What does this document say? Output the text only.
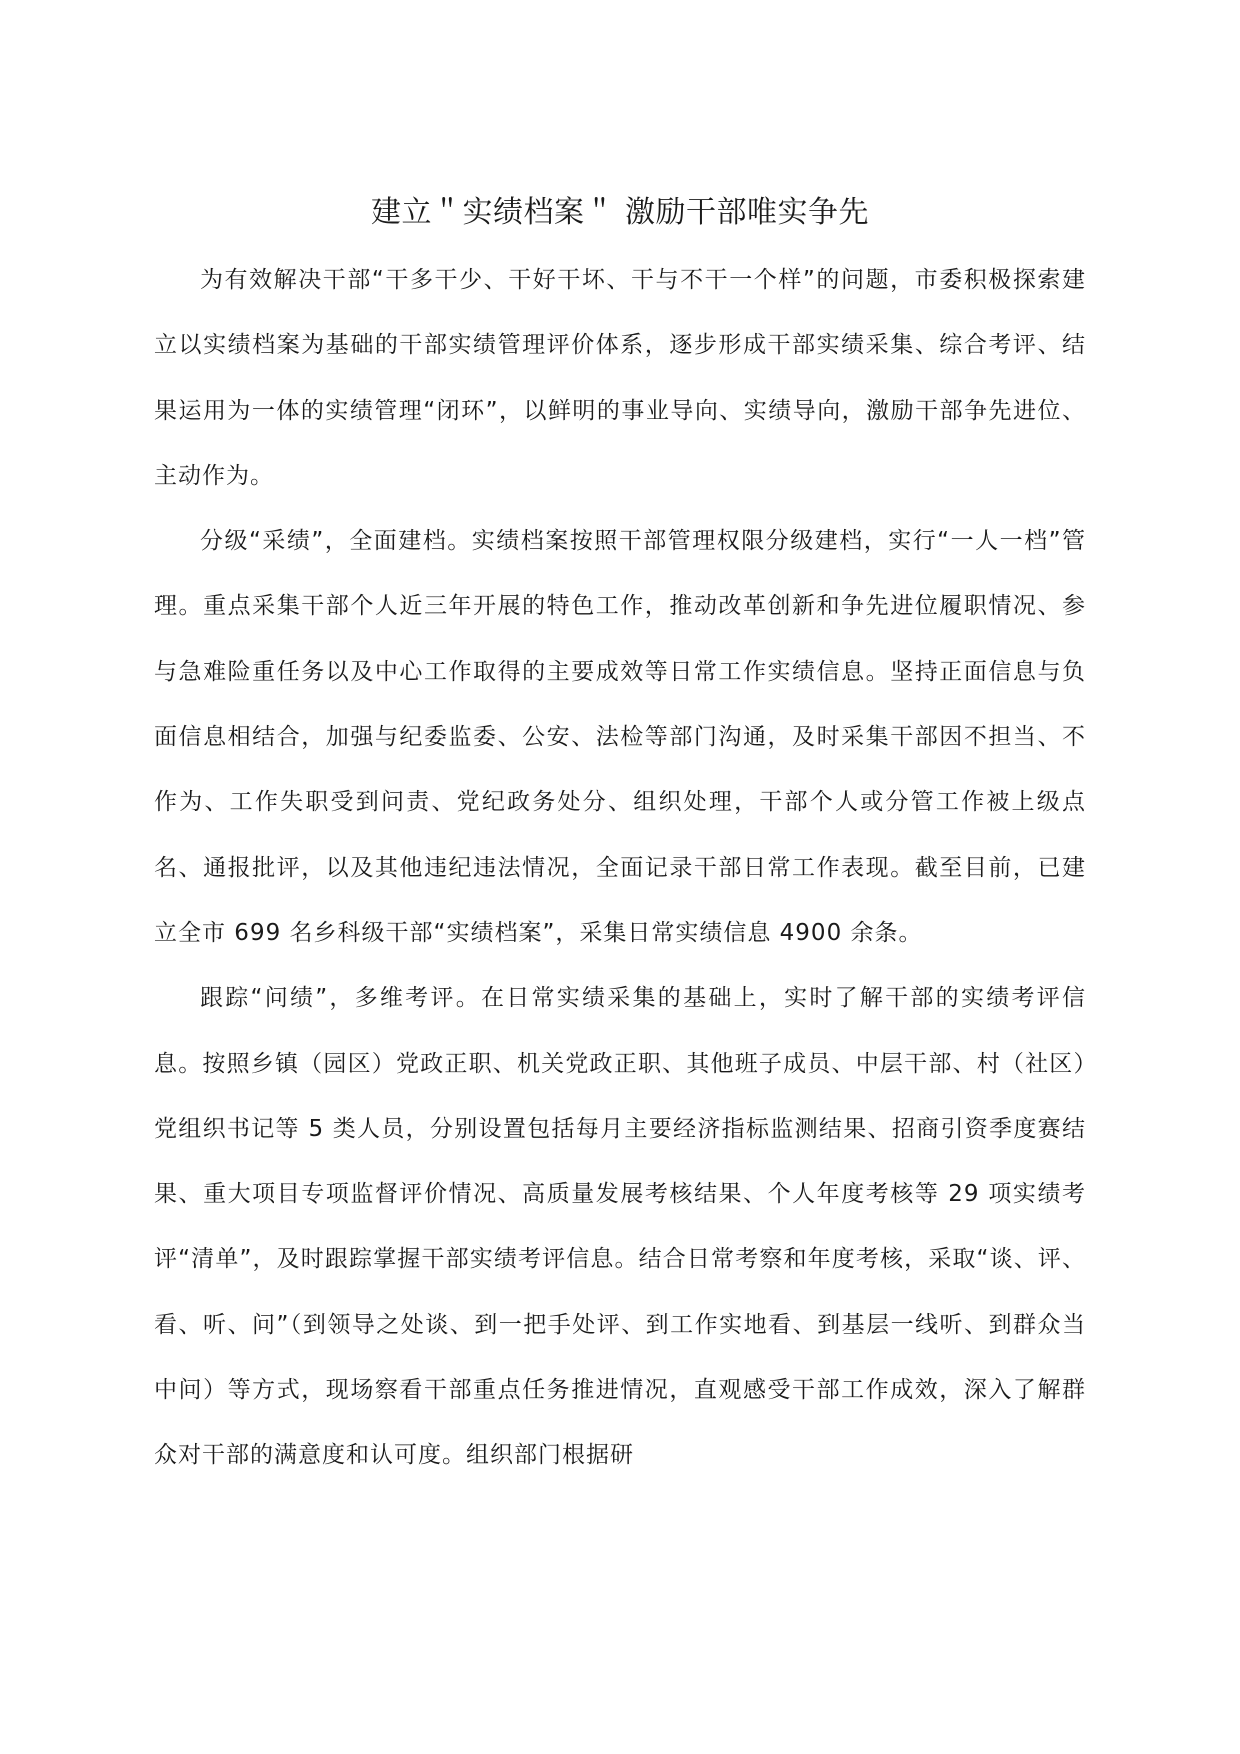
建立＂实绩档案＂ 激励干部唯实争先

为有效解决干部“干多干少、干好干坏、干与不干一个样”的问题，市委积极探索建立以实绩档案为基础的干部实绩管理评价体系，逐步形成干部实绩采集、综合考评、结果运用为一体的实绩管理“闭环”，以鲜明的事业导向、实绩导向，激励干部争先进位、主动作为。

分级“采绩”，全面建档。实绩档案按照干部管理权限分级建档，实行“一人一档”管理。重点采集干部个人近三年开展的特色工作，推动改革创新和争先进位履职情况、参与急难险重任务以及中心工作取得的主要成效等日常工作实绩信息。坚持正面信息与负面信息相结合，加强与纪委监委、公安、法检等部门沟通，及时采集干部因不担当、不作为、工作失职受到问责、党纪政务处分、组织处理，干部个人或分管工作被上级点名、通报批评，以及其他违纪违法情况，全面记录干部日常工作表现。截至目前，已建立全市 699 名乡科级干部“实绩档案”，采集日常实绩信息 4900 余条。

跟踪“问绩”，多维考评。在日常实绩采集的基础上，实时了解干部的实绩考评信息。按照乡镇（园区）党政正职、机关党政正职、其他班子成员、中层干部、村（社区）党组织书记等 5 类人员，分别设置包括每月主要经济指标监测结果、招商引资季度赛结果、重大项目专项监督评价情况、高质量发展考核结果、个人年度考核等 29 项实绩考评“清单”，及时跟踪掌握干部实绩考评信息。结合日常考察和年度考核，采取“谈、评、看、听、问”（到领导之处谈、到一把手处评、到工作实地看、到基层一线听、到群众当中问）等方式，现场察看干部重点任务推进情况，直观感受干部工作成效，深入了解群众对干部的满意度和认可度。组织部门根据研
